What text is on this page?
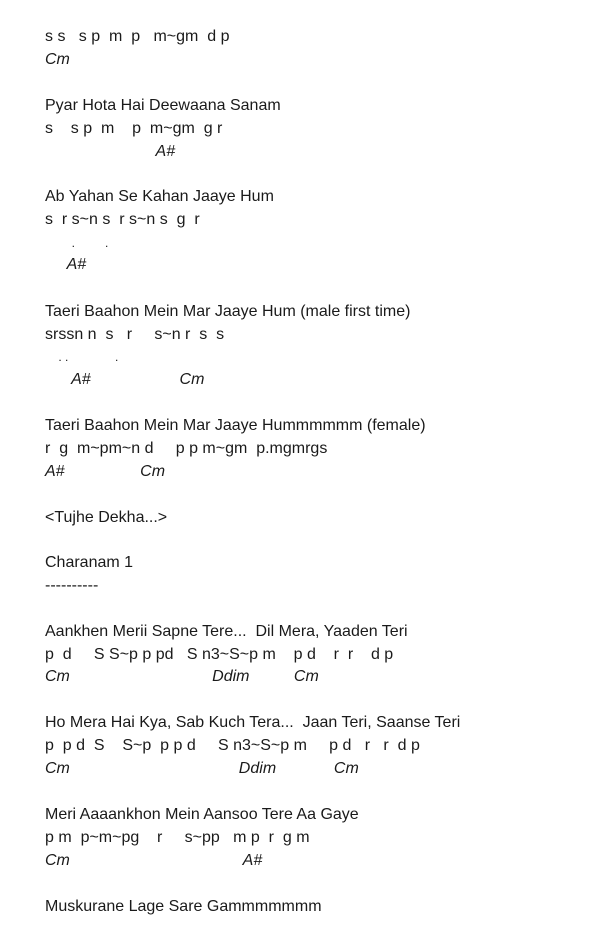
s s   s p  m  p   m~gm  d p
Cm
Pyar Hota Hai Deewaana Sanam
s    s p  m    p  m~gm  g r
A#
Ab Yahan Se Kahan Jaaye Hum
s  r s~n s  r s~n s  g  r
.         .
A#
Taeri Baahon Mein Mar Jaaye Hum (male first time)
srssn n  s   r     s~n r  s  s
. .              .
A#                    Cm
Taeri Baahon Mein Mar Jaaye Hummmmmm (female)
r  g  m~pm~n d     p p m~gm  p.mgmrgs
A#                 Cm
<Tujhe Dekha...>
Charanam 1
----------
Aankhen Merii Sapne Tere...  Dil Mera, Yaaden Teri
p  d     S S~p p pd   S n3~S~p m    p d    r  r    d p
Cm                                Ddim          Cm
Ho Mera Hai Kya, Sab Kuch Tera...  Jaan Teri, Saanse Teri
p  p d  S    S~p  p p d     S n3~S~p m     p d   r   r  d p
Cm                                      Ddim             Cm
Meri Aaaankhon Mein Aansoo Tere Aa Gaye
p m  p~m~pg    r     s~pp   m p  r  g m
Cm                                       A#
Muskurane Lage Sare Gammmmmmm
